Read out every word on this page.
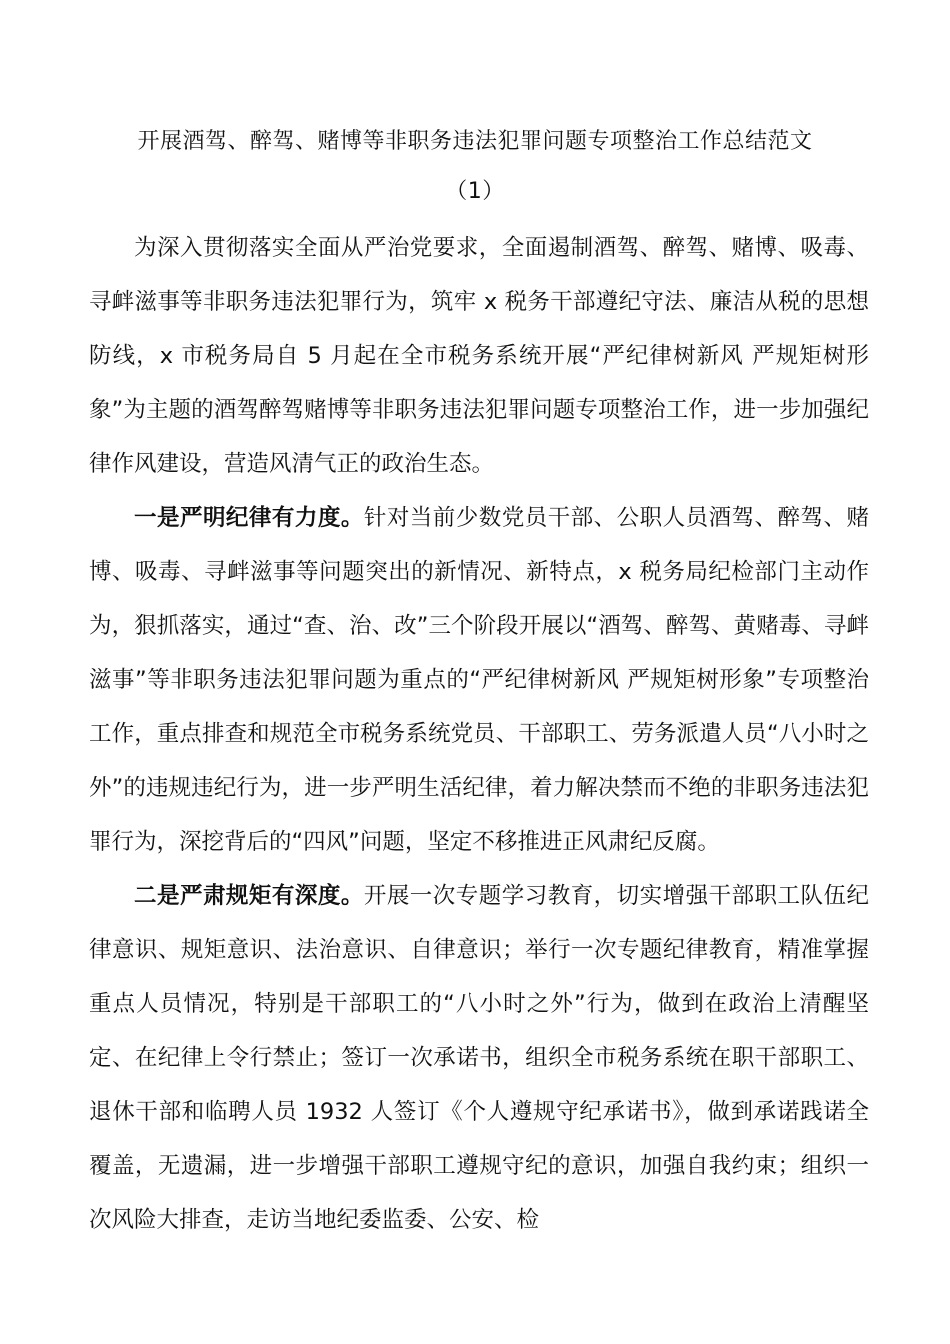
开展酒驾、醉驾、赌博等非职务违法犯罪问题专项整治工作总结范文
（1）

为深入贯彻落实全面从严治党要求，全面遏制酒驾、醉驾、赌博、吸毒、寻衅滋事等非职务违法犯罪行为，筑牢 x 税务干部遵纪守法、廉洁从税的思想防线，x 市税务局自 5 月起在全市税务系统开展“严纪律树新风 严规矩树形象”为主题的酒驾醉驾赌博等非职务违法犯罪问题专项整治工作，进一步加强纪律作风建设，营造风清气正的政治生态。

一是严明纪律有力度。针对当前少数党员干部、公职人员酒驾、醉驾、赌博、吸毒、寻衅滋事等问题突出的新情况、新特点，x 税务局纪检部门主动作为，狠抓落实，通过“查、治、改”三个阶段开展以“酒驾、醉驾、黄赌毒、寻衅滋事”等非职务违法犯罪问题为重点的“严纪律树新风 严规矩树形象”专项整治工作，重点排查和规范全市税务系统党员、干部职工、劳务派遣人员“八小时之外”的违规违纪行为，进一步严明生活纪律，着力解决禁而不绝的非职务违法犯罪行为，深挖背后的“四风”问题，坚定不移推进正风肃纪反腐。

二是严肃规矩有深度。开展一次专题学习教育，切实增强干部职工队伍纪律意识、规矩意识、法治意识、自律意识；举行一次专题纪律教育，精准掌握重点人员情况，特别是干部职工的“八小时之外”行为，做到在政治上清醒坚定、在纪律上令行禁止；签订一次承诺书，组织全市税务系统在职干部职工、退休干部和临聘人员 1932 人签订《个人遵规守纪承诺书》，做到承诺践诺全覆盖，无遗漏，进一步增强干部职工遵规守纪的意识，加强自我约束；组织一次风险大排查，走访当地纪委监委、公安、检
